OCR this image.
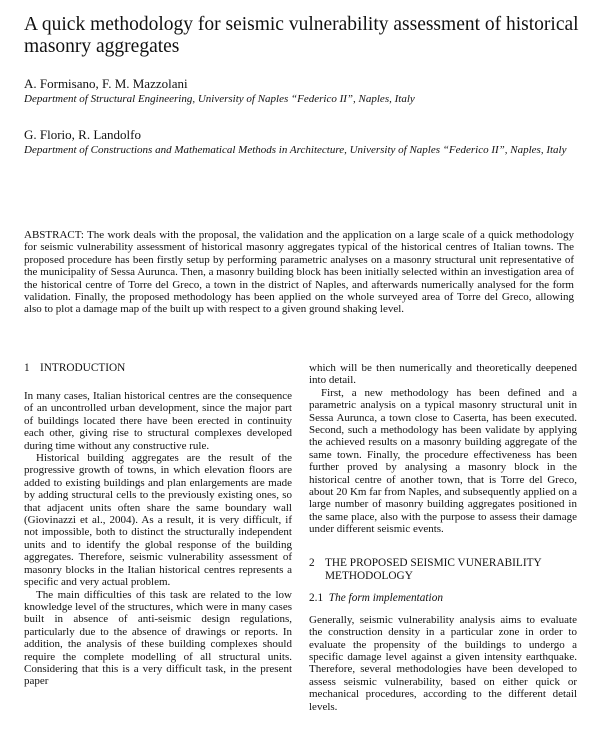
A quick methodology for seismic vulnerability assessment of historical masonry aggregates
A. Formisano, F. M. Mazzolani
Department of Structural Engineering, University of Naples “Federico II”, Naples, Italy
G. Florio, R. Landolfo
Department of Constructions and Mathematical Methods in Architecture, University of Naples “Federico II”, Naples, Italy

ABSTRACT: The work deals with the proposal, the validation and the application on a large scale of a quick methodology for seismic vulnerability assessment of historical masonry aggregates typical of the historical centres of Italian towns. The proposed procedure has been firstly setup by performing parametric analyses on a masonry structural unit representative of the municipality of Sessa Aurunca. Then, a masonry building block has been initially selected within an investigation area of the historical centre of Torre del Greco, a town in the district of Naples, and afterwards numerically analysed for the form validation. Finally, the proposed methodology has been applied on the whole surveyed area of Torre del Greco, allowing also to plot a damage map of the built up with respect to a given ground shaking level.

1 INTRODUCTION

In many cases, Italian historical centres are the consequence of an uncontrolled urban development, since the major part of buildings located there have been erected in continuity each other, giving rise to structural complexes developed during time without any constructive rule.

Historical building aggregates are the result of the progressive growth of towns, in which elevation floors are added to existing buildings and plan enlargements are made by adding structural cells to the previously existing ones, so that adjacent units often share the same boundary wall (Giovinazzi et al., 2004). As a result, it is very difficult, if not impossible, both to distinct the structurally independent units and to identify the global response of the building aggregates. Therefore, seismic vulnerability assessment of masonry blocks in the Italian historical centres represents a specific and very actual problem.

The main difficulties of this task are related to the low knowledge level of the structures, which were in many cases built in absence of anti-seismic design regulations, particularly due to the absence of drawings or reports. In addition, the analysis of these building complexes should require the complete modelling of all structural units. Considering that this is a very difficult task, in the present paper

which will be then numerically and theoretically deepened into detail.

First, a new methodology has been defined and a parametric analysis on a typical masonry structural unit in Sessa Aurunca, a town close to Caserta, has been executed. Second, such a methodology has been validate by applying the achieved results on a masonry building aggregate of the same town. Finally, the procedure effectiveness has been further proved by analysing a masonry block in the historical centre of another town, that is Torre del Greco, about 20 Km far from Naples, and subsequently applied on a large number of masonry building aggregates positioned in the same place, also with the purpose to assess their damage under different seismic events.

2 THE PROPOSED SEISMIC VUNERABILITY METHODOLOGY
2.1 The form implementation

Generally, seismic vulnerability analysis aims to evaluate the construction density in a particular zone in order to evaluate the propensity of the buildings to undergo a specific damage level against a given intensity earthquake. Therefore, several methodologies have been developed to assess seismic vulnerability, based on either quick or mechanical procedures, according to the different detail levels.
